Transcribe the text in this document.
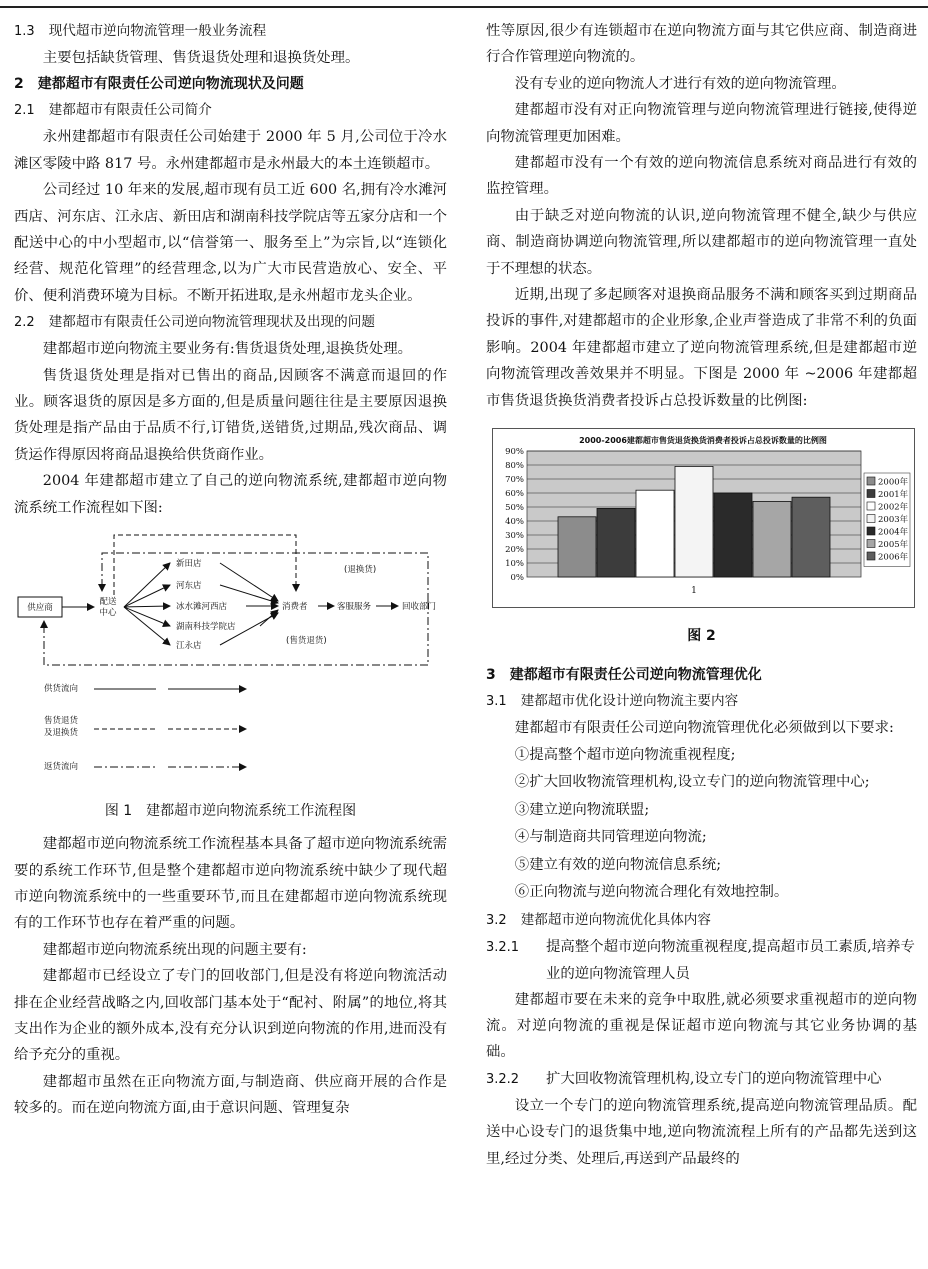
1.3 现代超市逆向物流管理一般业务流程

主要包括缺货管理、售货退货处理和退换货处理。

2　建都超市有限责任公司逆向物流现状及问题

2.1 建都超市有限责任公司简介

永州建都超市有限责任公司始建于 2000 年 5 月,公司位于冷水滩区零陵中路 817 号。永州建都超市是永州最大的本土连锁超市。

公司经过 10 年来的发展,超市现有员工近 600 名,拥有冷水滩河西店、河东店、江永店、新田店和湖南科技学院店等五家分店和一个配送中心的中小型超市,以“信誉第一、服务至上”为宗旨,以“连锁化经营、规范化管理”的经营理念,以为广大市民营造放心、安全、平价、便利消费环境为目标。不断开拓进取,是永州超市龙头企业。

2.2 建都超市有限责任公司逆向物流管理现状及出现的问题

建都超市逆向物流主要业务有:售货退货处理,退换货处理。

售货退货处理是指对已售出的商品,因顾客不满意而退回的作业。顾客退货的原因是多方面的,但是质量问题往往是主要原因退换货处理是指产品由于品质不行,订错货,送错货,过期品,残次商品、调货运作得原因将商品退换给供货商作业。

2004 年建都超市建立了自己的逆向物流系统,建都超市逆向物流系统工作流程如下图:

供应商
配送
中心
新田店
河东店
冰水滩河西店
湖南科技学院店
江永店
消费者
(退换货)
(售货退货)
客服服务	回收部门
供货流向
售货退货
及退换货
返货流向

图 1 建都超市逆向物流系统工作流程图

建都超市逆向物流系统工作流程基本具备了超市逆向物流系统需要的系统工作环节,但是整个建都超市逆向物流系统中缺少了现代超市逆向物流系统中的一些重要环节,而且在建都超市逆向物流系统现有的工作环节也存在着严重的问题。

建都超市逆向物流系统出现的问题主要有:

建都超市已经设立了专门的回收部门,但是没有将逆向物流活动排在企业经营战略之内,回收部门基本处于“配衬、附属”的地位,将其支出作为企业的额外成本,没有充分认识到逆向物流的作用,进而没有给予充分的重视。

建都超市虽然在正向物流方面,与制造商、供应商开展的合作是较多的。而在逆向物流方面,由于意识问题、管理复杂

性等原因,很少有连锁超市在逆向物流方面与其它供应商、制造商进行合作管理逆向物流的。

没有专业的逆向物流人才进行有效的逆向物流管理。

建都超市没有对正向物流管理与逆向物流管理进行链接,使得逆向物流管理更加困难。

建都超市没有一个有效的逆向物流信息系统对商品进行有效的监控管理。

由于缺乏对逆向物流的认识,逆向物流管理不健全,缺少与供应商、制造商协调逆向物流管理,所以建都超市的逆向物流管理一直处于不理想的状态。

近期,出现了多起顾客对退换商品服务不满和顾客买到过期商品投诉的事件,对建都超市的企业形象,企业声誉造成了非常不利的负面影响。2004 年建都超市建立了逆向物流管理系统,但是建都超市逆向物流管理改善效果并不明显。下图是 2000 年 ~2006 年建都超市售货退货换货消费者投诉占总投诉数量的比例图:

2000-2006建都超市售货退货换货消费者投诉占总投诉数量的比例图
0%
10%
20%
30%
40%
50%
60%
70%
80%
90%
1
2000年
2001年
2002年
2003年
2004年
2005年
2006年

图 2

3　建都超市有限责任公司逆向物流管理优化

3.1 建都超市优化设计逆向物流主要内容

建都超市有限责任公司逆向物流管理优化必须做到以下要求:

①提高整个超市逆向物流重视程度;

②扩大回收物流管理机构,设立专门的逆向物流管理中心;

③建立逆向物流联盟;

④与制造商共同管理逆向物流;

⑤建立有效的逆向物流信息系统;

⑥正向物流与逆向物流合理化有效地控制。

3.2 建都超市逆向物流优化具体内容

3.2.1 提高整个超市逆向物流重视程度,提高超市员工素质,培养专业的逆向物流管理人员

建都超市要在未来的竞争中取胜,就必须要求重视超市的逆向物流。对逆向物流的重视是保证超市逆向物流与其它业务协调的基础。

3.2.2 扩大回收物流管理机构,设立专门的逆向物流管理中心

设立一个专门的逆向物流管理系统,提高逆向物流管理品质。配送中心设专门的退货集中地,逆向物流流程上所有的产品都先送到这里,经过分类、处理后,再送到产品最终的
